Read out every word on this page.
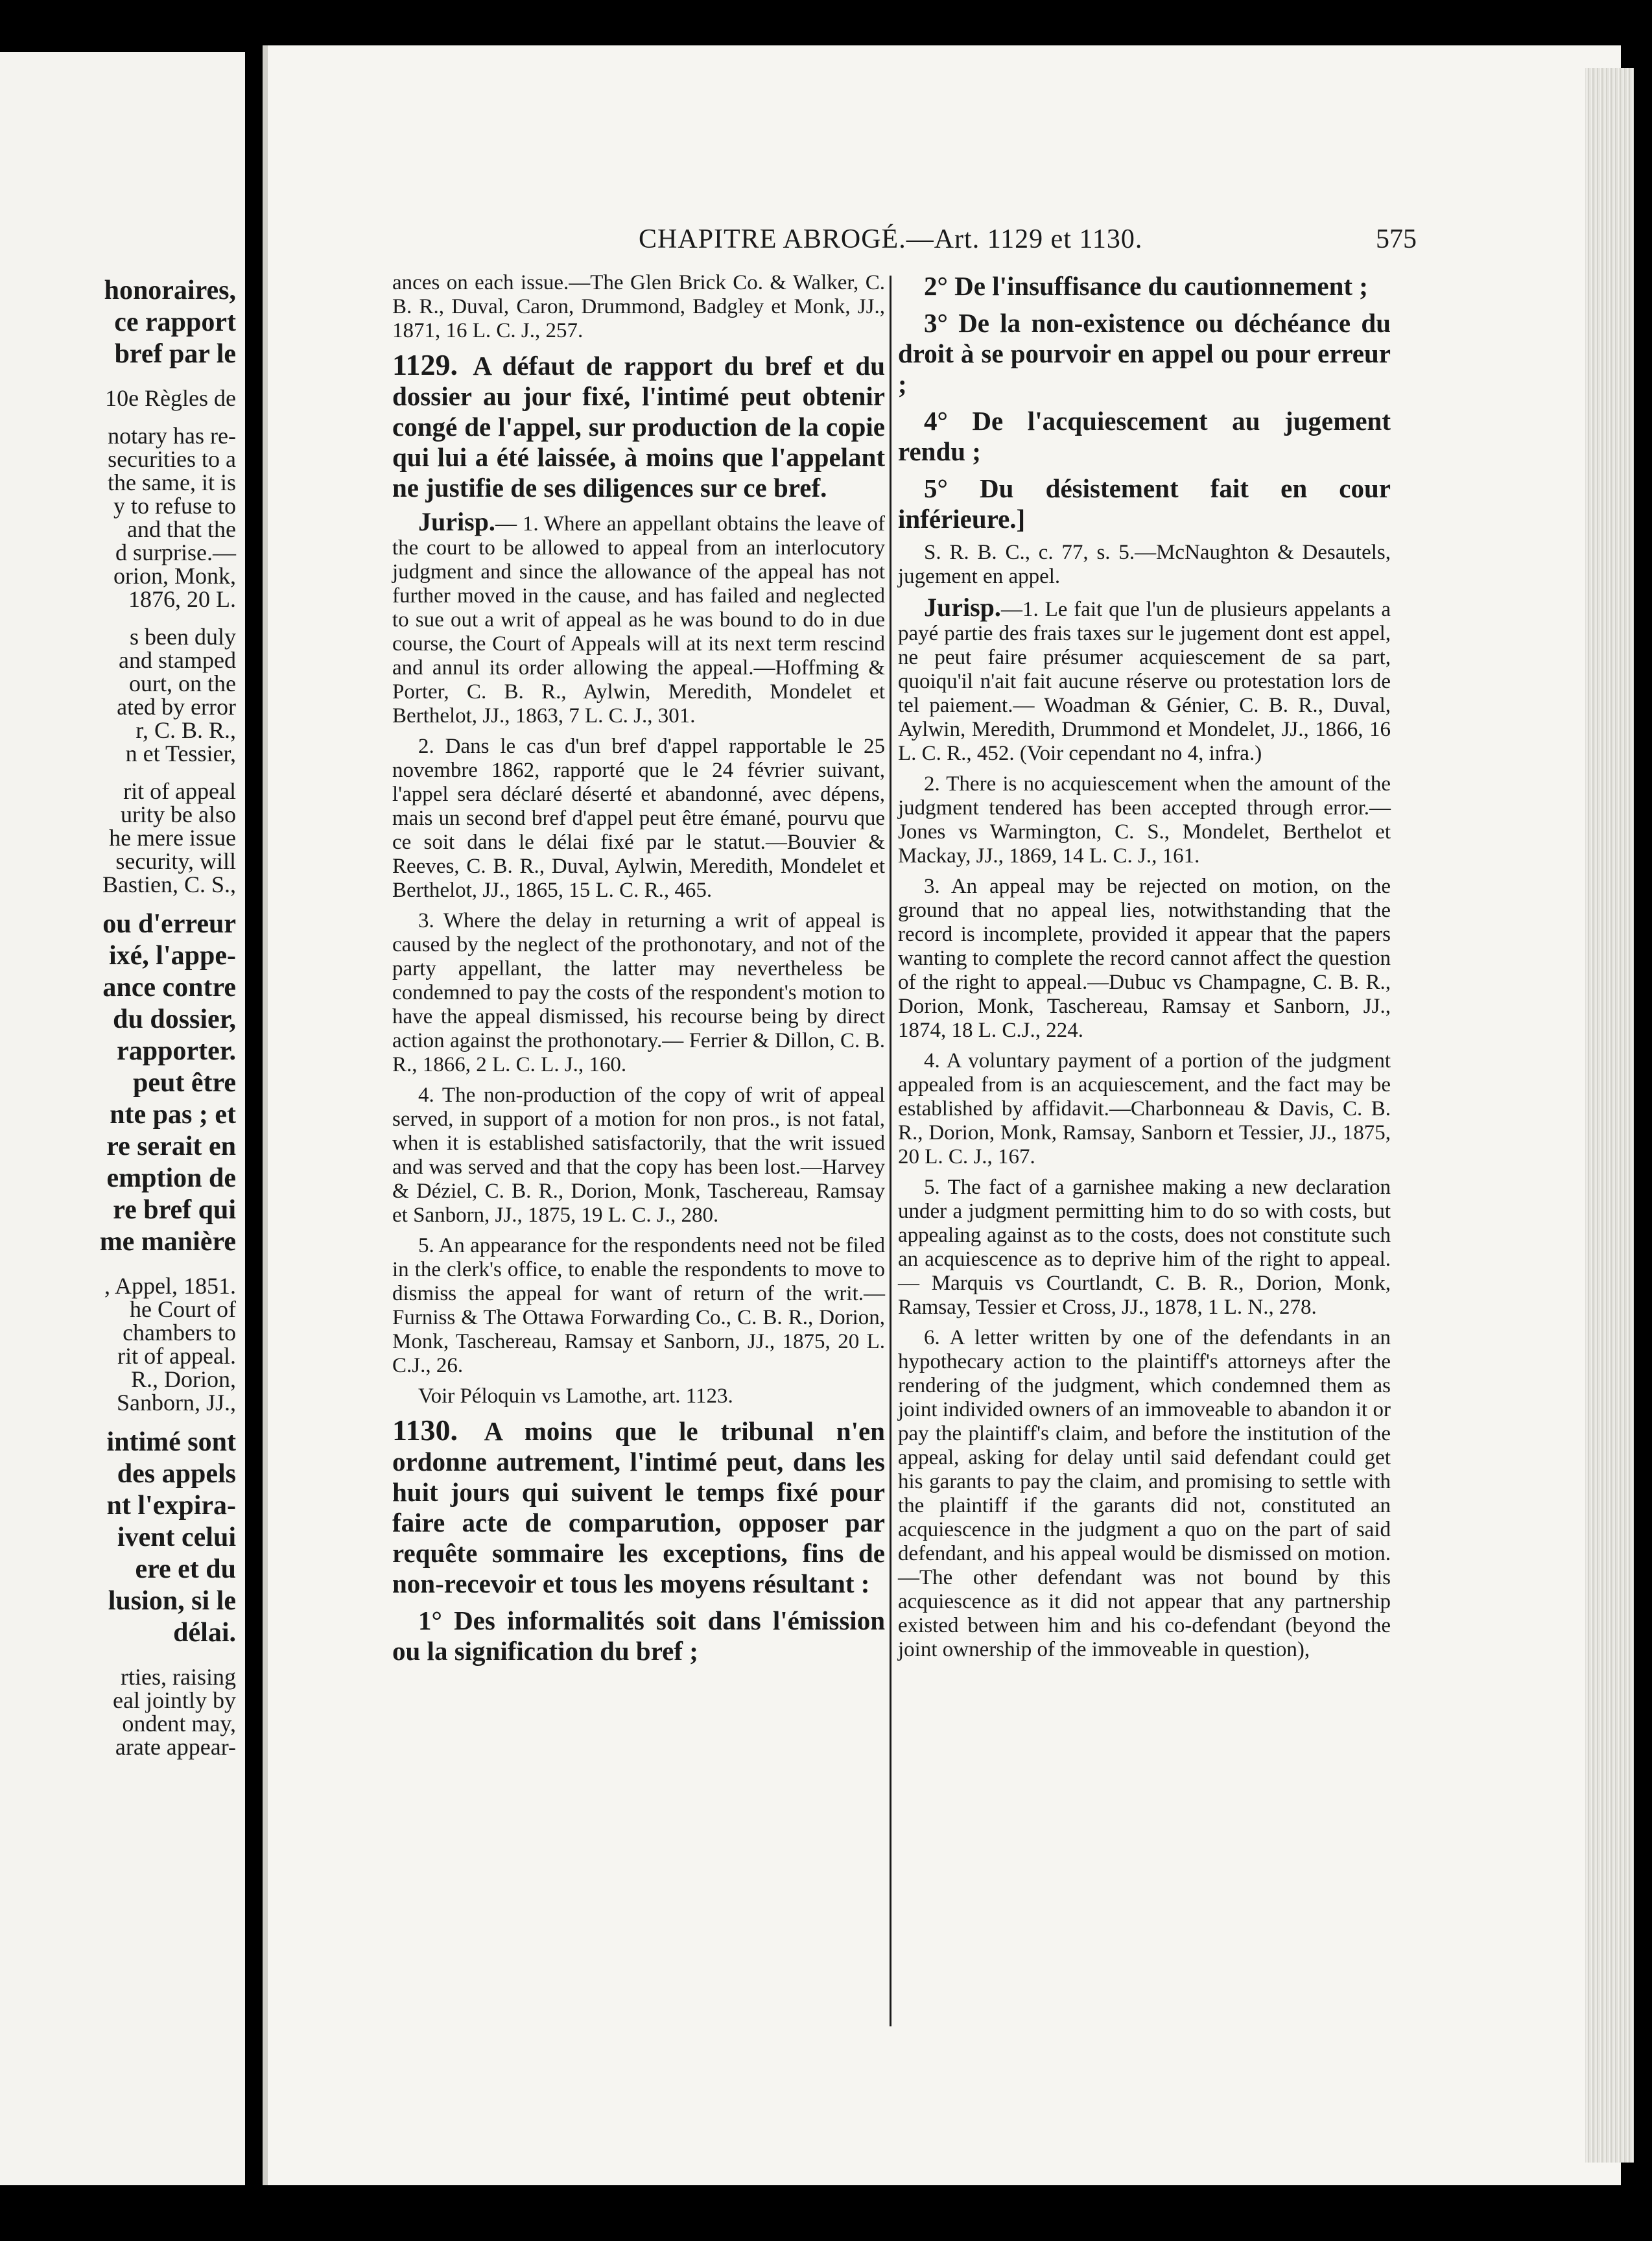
honoraires,
ce rapport
bref par le
10e Règles de
notary has re-
securities to a
the same, it is
y to refuse to
and that the
d surprise.—
orion, Monk,
1876, 20 L.
s been duly
and stamped
ourt, on the
ated by error
r, C. B. R.,
n et Tessier,
rit of appeal
urity be also
he mere issue
security, will
Bastien, C. S.,
ou d'erreur
ixé, l'appe-
ance contre
du dossier,
rapporter.
peut être
nte pas ; et
re serait en
emption de
re bref qui
me manière
, Appel, 1851.
he Court of
chambers to
rit of appeal.
R., Dorion,
Sanborn, JJ.,
intimé sont
des appels
nt l'expira-
ivent celui
ere et du
lusion, si le
délai.
rties, raising
eal jointly by
ondent may,
arate appear-
CHAPITRE ABROGÉ.—Art. 1129 et 1130.	575

ances on each issue.—The Glen Brick Co. & Walker, C. B. R., Duval, Caron, Drummond, Badgley et Monk, JJ., 1871, 16 L. C. J., 257.

1129. A défaut de rapport du bref et du dossier au jour fixé, l'intimé peut obtenir congé de l'appel, sur production de la copie qui lui a été laissée, à moins que l'appelant ne justifie de ses diligences sur ce bref.

Jurisp.— 1. Where an appellant obtains the leave of the court to be allowed to appeal from an interlocutory judgment and since the allowance of the appeal has not further moved in the cause, and has failed and neglected to sue out a writ of appeal as he was bound to do in due course, the Court of Appeals will at its next term rescind and annul its order allowing the appeal.—Hoffming & Porter, C. B. R., Aylwin, Meredith, Mondelet et Berthelot, JJ., 1863, 7 L. C. J., 301.

2. Dans le cas d'un bref d'appel rapportable le 25 novembre 1862, rapporté que le 24 février suivant, l'appel sera déclaré déserté et abandonné, avec dépens, mais un second bref d'appel peut être émané, pourvu que ce soit dans le délai fixé par le statut.—Bouvier & Reeves, C. B. R., Duval, Aylwin, Meredith, Mondelet et Berthelot, JJ., 1865, 15 L. C. R., 465.

3. Where the delay in returning a writ of appeal is caused by the neglect of the prothonotary, and not of the party appellant, the latter may nevertheless be condemned to pay the costs of the respondent's motion to have the appeal dismissed, his recourse being by direct action against the prothonotary.— Ferrier & Dillon, C. B. R., 1866, 2 L. C. L. J., 160.

4. The non-production of the copy of writ of appeal served, in support of a motion for non pros., is not fatal, when it is established satisfactorily, that the writ issued and was served and that the copy has been lost.—Harvey & Déziel, C. B. R., Dorion, Monk, Taschereau, Ramsay et Sanborn, JJ., 1875, 19 L. C. J., 280.

5. An appearance for the respondents need not be filed in the clerk's office, to enable the respondents to move to dismiss the appeal for want of return of the writ.— Furniss & The Ottawa Forwarding Co., C. B. R., Dorion, Monk, Taschereau, Ramsay et Sanborn, JJ., 1875, 20 L. C.J., 26.

Voir Péloquin vs Lamothe, art. 1123.

1130. A moins que le tribunal n'en ordonne autrement, l'intimé peut, dans les huit jours qui suivent le temps fixé pour faire acte de comparution, opposer par requête sommaire les exceptions, fins de non-recevoir et tous les moyens résultant :

1° Des informalités soit dans l'émission ou la signification du bref ;

2° De l'insuffisance du cautionnement ;

3° De la non-existence ou déchéance du droit à se pourvoir en appel ou pour erreur ;

4° De l'acquiescement au jugement rendu ;

5° Du désistement fait en cour inférieure.]

S. R. B. C., c. 77, s. 5.—McNaughton & Desautels, jugement en appel.

Jurisp.—1. Le fait que l'un de plusieurs appelants a payé partie des frais taxes sur le jugement dont est appel, ne peut faire présumer acquiescement de sa part, quoiqu'il n'ait fait aucune réserve ou protestation lors de tel paiement.— Woadman & Génier, C. B. R., Duval, Aylwin, Meredith, Drummond et Mondelet, JJ., 1866, 16 L. C. R., 452. (Voir cependant no 4, infra.)

2. There is no acquiescement when the amount of the judgment tendered has been accepted through error.—Jones vs Warmington, C. S., Mondelet, Berthelot et Mackay, JJ., 1869, 14 L. C. J., 161.

3. An appeal may be rejected on motion, on the ground that no appeal lies, notwithstanding that the record is incomplete, provided it appear that the papers wanting to complete the record cannot affect the question of the right to appeal.—Dubuc vs Champagne, C. B. R., Dorion, Monk, Taschereau, Ramsay et Sanborn, JJ., 1874, 18 L. C.J., 224.

4. A voluntary payment of a portion of the judgment appealed from is an acquiescement, and the fact may be established by affidavit.—Charbonneau & Davis, C. B. R., Dorion, Monk, Ramsay, Sanborn et Tessier, JJ., 1875, 20 L. C. J., 167.

5. The fact of a garnishee making a new declaration under a judgment permitting him to do so with costs, but appealing against as to the costs, does not constitute such an acquiescence as to deprive him of the right to appeal.— Marquis vs Courtlandt, C. B. R., Dorion, Monk, Ramsay, Tessier et Cross, JJ., 1878, 1 L. N., 278.

6. A letter written by one of the defendants in an hypothecary action to the plaintiff's attorneys after the rendering of the judgment, which condemned them as joint individed owners of an immoveable to abandon it or pay the plaintiff's claim, and before the institution of the appeal, asking for delay until said defendant could get his garants to pay the claim, and promising to settle with the plaintiff if the garants did not, constituted an acquiescence in the judgment a quo on the part of said defendant, and his appeal would be dismissed on motion.—The other defendant was not bound by this acquiescence as it did not appear that any partnership existed between him and his co-defendant (beyond the joint ownership of the immoveable in question),
